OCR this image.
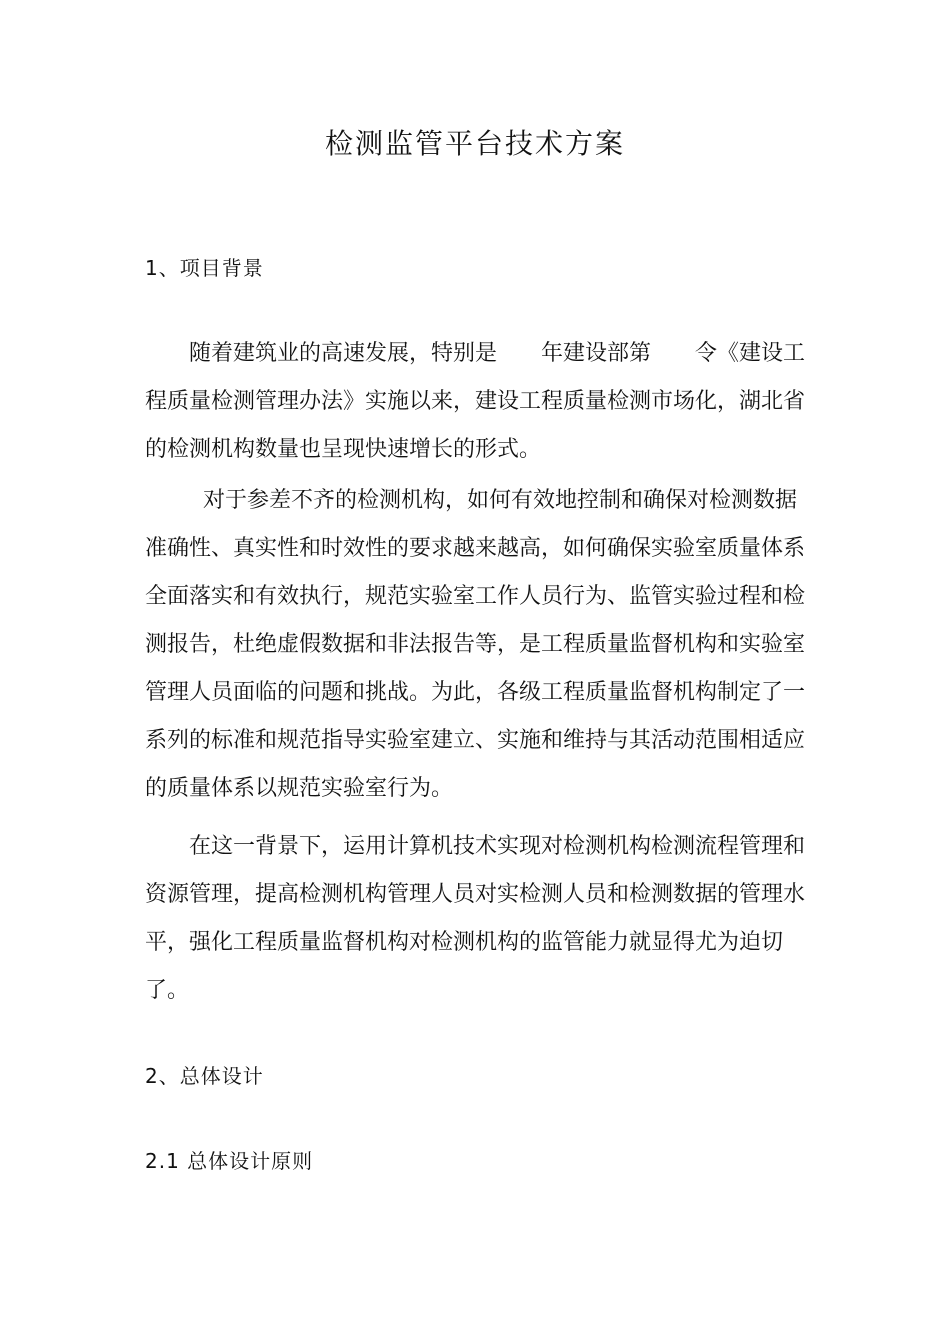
检测监管平台技术方案
1、项目背景
随着建筑业的高速发展，特别是 年建设部第 令《建设工
程质量检测管理办法》实施以来，建设工程质量检测市场化，湖北省
的检测机构数量也呈现快速增长的形式。
对于参差不齐的检测机构，如何有效地控制和确保对检测数据
准确性、真实性和时效性的要求越来越高，如何确保实验室质量体系
全面落实和有效执行，规范实验室工作人员行为、监管实验过程和检
测报告，杜绝虚假数据和非法报告等，是工程质量监督机构和实验室
管理人员面临的问题和挑战。为此，各级工程质量监督机构制定了一
系列的标准和规范指导实验室建立、实施和维持与其活动范围相适应
的质量体系以规范实验室行为。
在这一背景下，运用计算机技术实现对检测机构检测流程管理和
资源管理，提高检测机构管理人员对实检测人员和检测数据的管理水
平，强化工程质量监督机构对检测机构的监管能力就显得尤为迫切
了。
2、总体设计
2.1 总体设计原则
